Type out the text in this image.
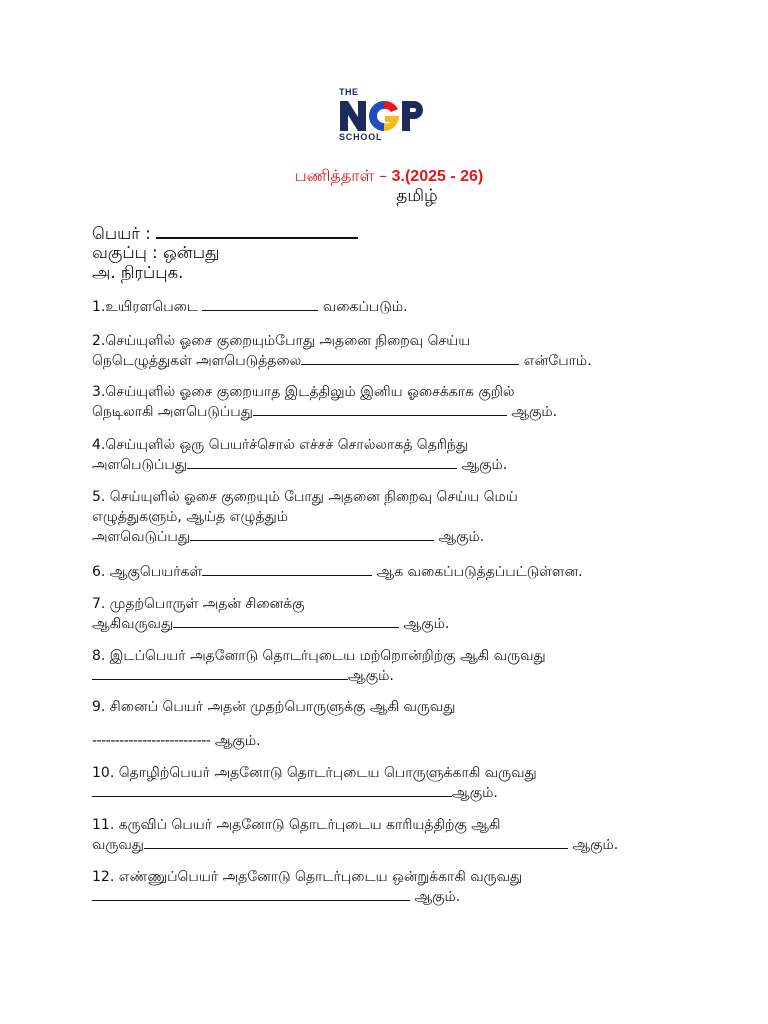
THE
SCHOOL
பணித்தாள் – 3.(2025 - 26)
தமிழ்
பெயர் :
வகுப்பு : ஒன்பது
அ. நிரப்புக.
1.உயிரளபெடை	வகைப்படும்.
2.செய்யுளில் ஓசை குறையும்போது அதனை நிறைவு செய்ய
நெடெழுத்துகள் அளபெடுத்தலை	என்போம்.
3.செய்யுளில் ஓசை குறையாத இடத்திலும் இனிய ஓசைக்காக குறில்
நெடிலாகி அளபெடுப்பது	ஆகும்.
4.செய்யுளில் ஒரு பெயர்ச்சொல் எச்சச் சொல்லாகத் தெரிந்து
அளபெடுப்பது	ஆகும்.
5. செய்யுளில் ஓசை குறையும் போது அதனை நிறைவு செய்ய மெய்
எழுத்துகளும், ஆய்த எழுத்தும்
அளவெடுப்பது	ஆகும்.
6. ஆகுபெயர்கள்	ஆக வகைப்படுத்தப்பட்டுள்ளன.
7. முதற்பொருள் அதன் சினைக்கு
ஆகிவருவது	ஆகும்.
8. இடப்பெயர் அதனோடு தொடர்புடைய மற்றொன்றிற்கு ஆகி வருவது
ஆகும்.
9. சினைப் பெயர் அதன் முதற்பொருளுக்கு ஆகி வருவது
-------------------------- ஆகும்.
10. தொழிற்பெயர் அதனோடு தொடர்புடைய பொருளுக்காகி வருவது
ஆகும்.
11. கருவிப் பெயர் அதனோடு தொடர்புடைய காரியத்திற்கு ஆகி
வருவது	ஆகும்.
12. எண்ணுப்பெயர் அதனோடு தொடர்புடைய ஒன்றுக்காகி வருவது
ஆகும்.
